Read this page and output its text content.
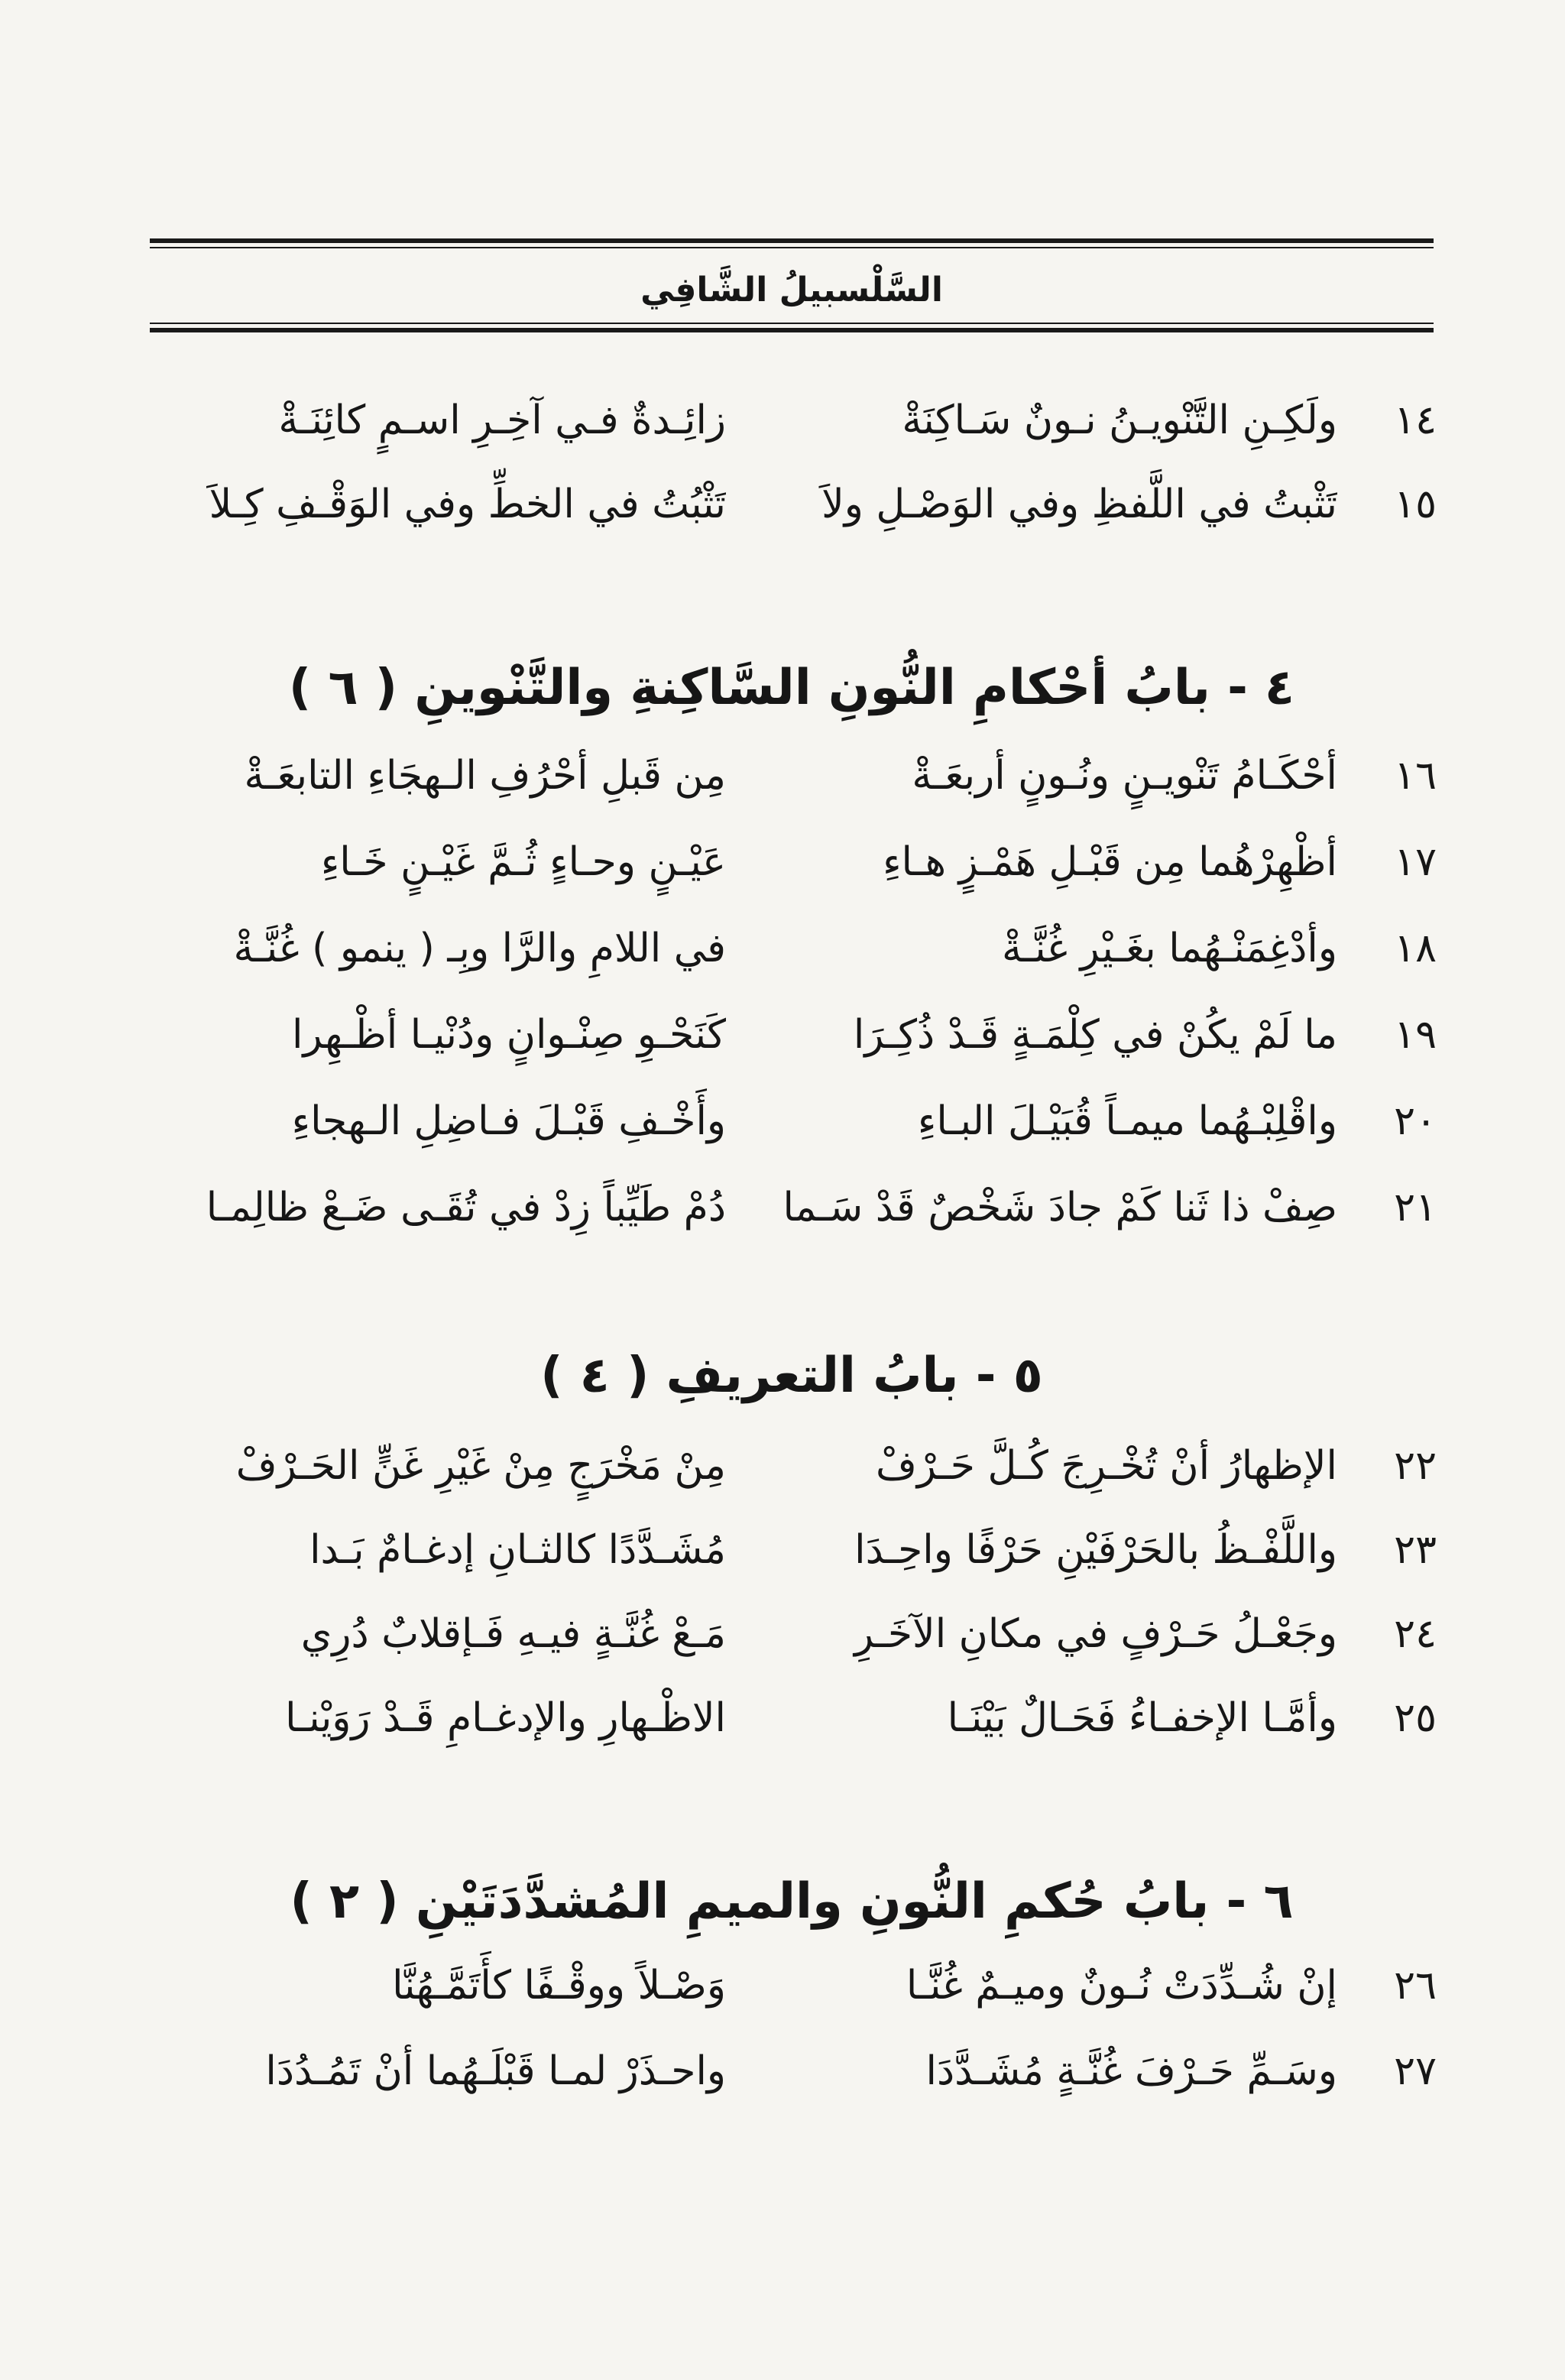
السَّلْسبيلُ الشَّافِي
١٤
ولَكِـنِ التَّنْويـنُ نـونٌ سَـاكِنَةْ
زائِـدةٌ فـي آخِـرِ اسـمٍ كائِنَـةْ
١٥
تَثْبتُ في اللَّفظِ وفي الوَصْـلِ ولاَ
تَثْبُتُ في الخطِّ وفي الوَقْـفِ كِـلاَ
٤ - بابُ أحْكامِ النُّونِ السَّاكِنةِ والتَّنْوينِ ( ٦ )
١٦
أحْكَـامُ تَنْويـنٍ ونُـونٍ أربعَـةْ
مِن قَبلِ أحْرُفِ الـهجَاءِ التابعَـةْ
١٧
أظْهِرْهُما مِن قَبْـلِ هَمْـزٍ هـاءِ
عَيْـنٍ وحـاءٍ ثُـمَّ غَيْـنٍ خَـاءِ
١٨
وأدْغِمَنْـهُما بغَـيْرِ غُنَّـةْ
في اللامِ والرَّا وبِـ ( ينمو ) غُنَّـةْ
١٩
ما لَمْ يكُنْ في كِلْمَـةٍ قَـدْ ذُكِـرَا
كَنَحْـوِ صِنْـوانٍ ودُنْيـا أظْـهِرا
٢٠
واقْلِبْـهُما ميمـاً قُبَيْـلَ البـاءِ
وأَخْـفِ قَبْـلَ فـاضِلِ الـهجاءِ
٢١
صِفْ ذا ثَنا كَمْ جادَ شَخْصٌ قَدْ سَـما
دُمْ طَيِّباً زِدْ في تُقَـى ضَـعْ ظالِمـا
٥ - بابُ التعريفِ ( ٤ )
٢٢
الإظهارُ أنْ تُخْـرِجَ كُـلَّ حَـرْفْ
مِنْ مَخْرَجٍ مِنْ غَيْرِ غَنٍّ الحَـرْفْ
٢٣
واللَّفْـظُ بالحَرْفَيْنِ حَرْفًا واحِـدَا
مُشَـدَّدًا كالثـانِ إدغـامٌ بَـدا
٢٤
وجَعْـلُ حَـرْفٍ في مكانِ الآخَـرِ
مَـعْ غُنَّـةٍ فيـهِ فَـإقلابٌ دُرِي
٢٥
وأمَّـا الإخفـاءُ فَحَـالٌ بَيْنَـا
الاظْـهارِ والإدغـامِ قَـدْ رَوَيْنـا
٦ - بابُ حُكمِ النُّونِ والميمِ المُشدَّدَتَيْنِ ( ٢ )
٢٦
إنْ شُـدِّدَتْ نُـونٌ وميـمٌ غُنَّـا
وَصْـلاً ووقْـفًا كأَتَمَّـهُنَّا
٢٧
وسَـمِّ حَـرْفَ غُنَّـةٍ مُشَـدَّدَا
واحـذَرْ لمـا قَبْلَـهُما أنْ تَمُـدُدَا
